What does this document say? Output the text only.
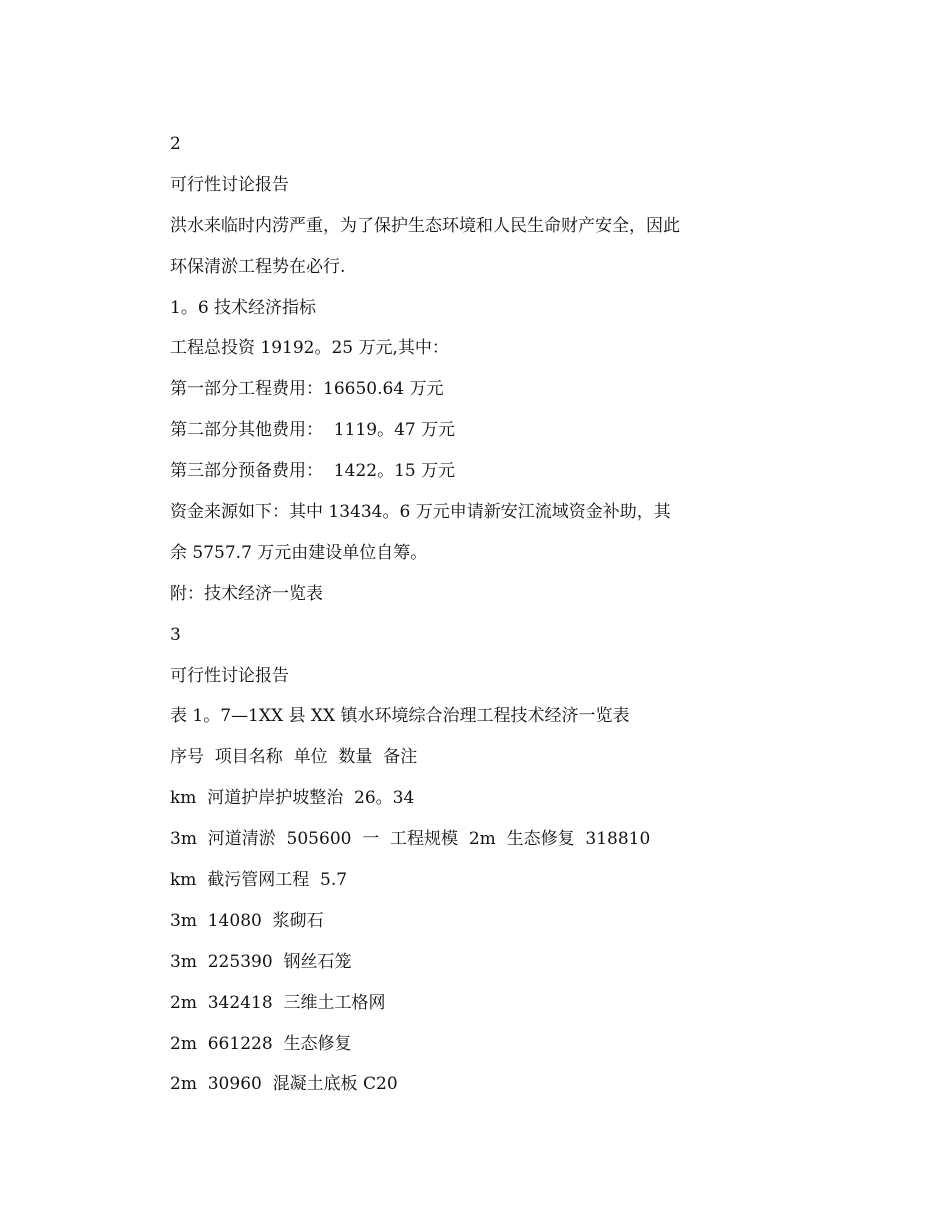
2
可行性讨论报告
洪水来临时内涝严重，为了保护生态环境和人民生命财产安全，因此
环保清淤工程势在必行.
1。6 技术经济指标
工程总投资 19192。25 万元,其中：
第一部分工程费用：16650.64 万元
第二部分其他费用：  1119。47 万元
第三部分预备费用：  1422。15 万元
资金来源如下：其中 13434。6 万元申请新安江流域资金补助，其
余 5757.7 万元由建设单位自筹。
附：技术经济一览表
3
可行性讨论报告
表 1。7—1XX 县 XX 镇水环境综合治理工程技术经济一览表
序号  项目名称  单位  数量  备注
km  河道护岸护坡整治  26。34
3m  河道清淤  505600  一  工程规模  2m  生态修复  318810
km  截污管网工程  5.7
3m  14080  浆砌石
3m  225390  钢丝石笼
2m  342418  三维土工格网
2m  661228  生态修复
2m  30960  混凝土底板 C20
